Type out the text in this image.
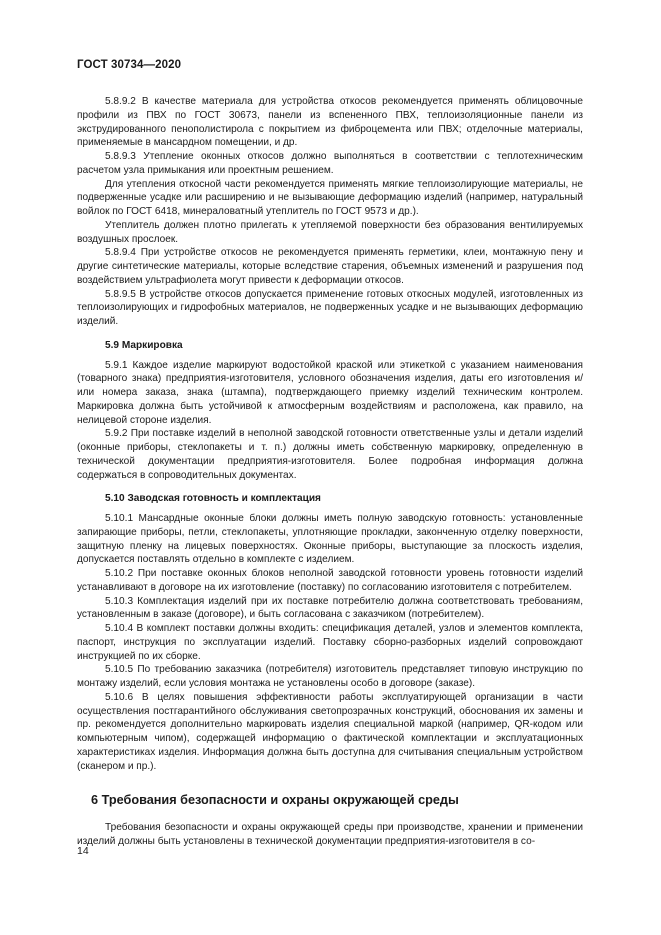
ГОСТ 30734—2020

5.8.9.2 В качестве материала для устройства откосов рекомендуется применять облицовочные профили из ПВХ по ГОСТ 30673, панели из вспененного ПВХ, теплоизоляционные панели из экструдированного пенополистирола с покрытием из фиброцемента или ПВХ; отделочные материалы, применяемые в мансардном помещении, и др.

5.8.9.3 Утепление оконных откосов должно выполняться в соответствии с теплотехническим расчетом узла примыкания или проектным решением.

Для утепления откосной части рекомендуется применять мягкие теплоизолирующие материалы, не подверженные усадке или расширению и не вызывающие деформацию изделий (например, натуральный войлок по ГОСТ 6418, минераловатный утеплитель по ГОСТ 9573 и др.).

Утеплитель должен плотно прилегать к утепляемой поверхности без образования вентилируемых воздушных прослоек.

5.8.9.4 При устройстве откосов не рекомендуется применять герметики, клеи, монтажную пену и другие синтетические материалы, которые вследствие старения, объемных изменений и разрушения под воздействием ультрафиолета могут привести к деформации откосов.

5.8.9.5 В устройстве откосов допускается применение готовых откосных модулей, изготовленных из теплоизолирующих и гидрофобных материалов, не подверженных усадке и не вызывающих деформацию изделий.

5.9 Маркировка

5.9.1 Каждое изделие маркируют водостойкой краской или этикеткой с указанием наименования (товарного знака) предприятия-изготовителя, условного обозначения изделия, даты его изготовления и/или номера заказа, знака (штампа), подтверждающего приемку изделий техническим контролем. Маркировка должна быть устойчивой к атмосферным воздействиям и расположена, как правило, на нелицевой стороне изделия.

5.9.2 При поставке изделий в неполной заводской готовности ответственные узлы и детали изделий (оконные приборы, стеклопакеты и т. п.) должны иметь собственную маркировку, определенную в технической документации предприятия-изготовителя. Более подробная информация должна содержаться в сопроводительных документах.

5.10 Заводская готовность и комплектация

5.10.1 Мансардные оконные блоки должны иметь полную заводскую готовность: установленные запирающие приборы, петли, стеклопакеты, уплотняющие прокладки, законченную отделку поверхности, защитную пленку на лицевых поверхностях. Оконные приборы, выступающие за плоскость изделия, допускается поставлять отдельно в комплекте с изделием.

5.10.2 При поставке оконных блоков неполной заводской готовности уровень готовности изделий устанавливают в договоре на их изготовление (поставку) по согласованию изготовителя с потребителем.

5.10.3 Комплектация изделий при их поставке потребителю должна соответствовать требованиям, установленным в заказе (договоре), и быть согласована с заказчиком (потребителем).

5.10.4 В комплект поставки должны входить: спецификация деталей, узлов и элементов комплекта, паспорт, инструкция по эксплуатации изделий. Поставку сборно-разборных изделий сопровождают инструкцией по их сборке.

5.10.5 По требованию заказчика (потребителя) изготовитель представляет типовую инструкцию по монтажу изделий, если условия монтажа не установлены особо в договоре (заказе).

5.10.6 В целях повышения эффективности работы эксплуатирующей организации в части осуществления постгарантийного обслуживания светопрозрачных конструкций, обоснования их замены и пр. рекомендуется дополнительно маркировать изделия специальной маркой (например, QR-кодом или компьютерным чипом), содержащей информацию о фактической комплектации и эксплуатационных характеристиках изделия. Информация должна быть доступна для считывания специальным устройством (сканером и пр.).

6 Требования безопасности и охраны окружающей среды

Требования безопасности и охраны окружающей среды при производстве, хранении и применении изделий должны быть установлены в технической документации предприятия-изготовителя в со-

14
